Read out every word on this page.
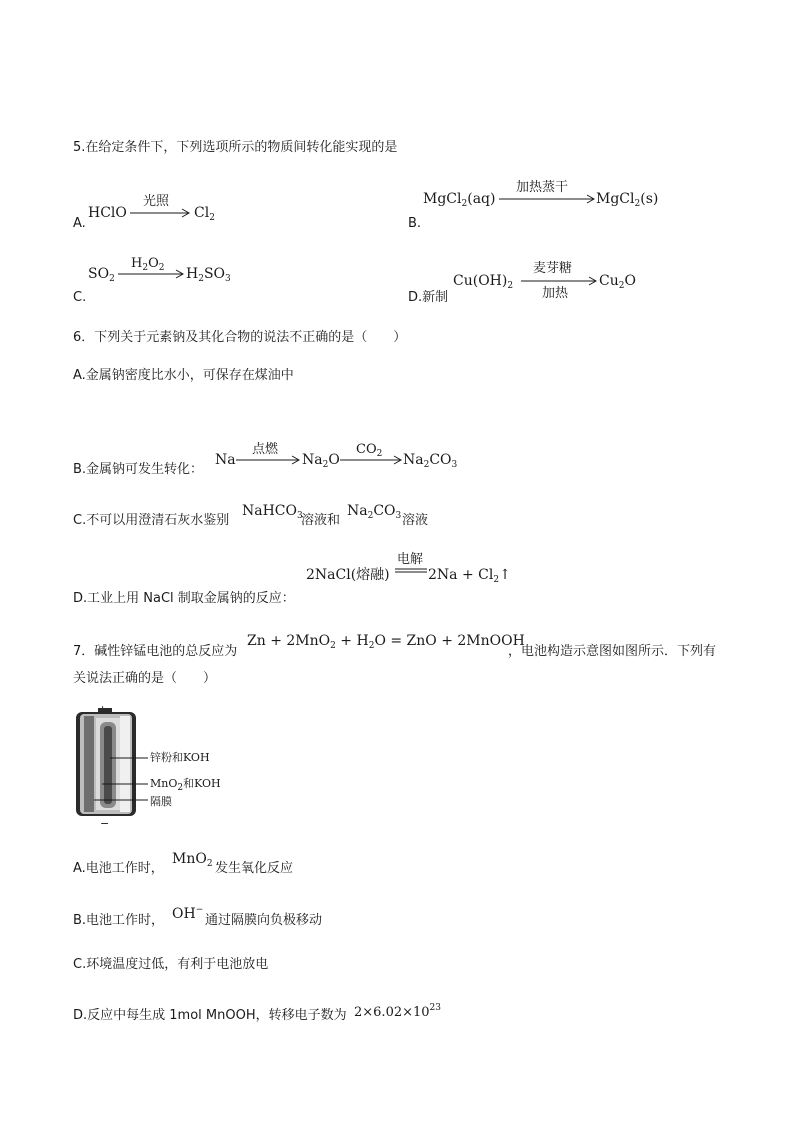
5.在给定条件下，下列选项所示的物质间转化能实现的是
A.
HClO
光照
$Cl_2$	B.
MgCl$_2$(aq)
加热蒸干
MgCl$_2$(s)
$SO_2$
$H_2O_2$ $H_2SO_3$
C.	D.新制
$Cu(OH)_2$
麦芽糖
加热
$Cu_2O$
6．下列关于元素钠及其化合物的说法不正确的是（　　）
A.金属钠密度比水小，可保存在煤油中
B.金属钠可发生转化：
Na
点燃
$Na_2O$
$CO_2$ $Na_2CO_3$
C.不可以用澄清石灰水鉴别
NaHCO$_3$
溶液和
$Na_2CO_3$ 溶液
2NaCl(熔融)
电解
$2Na + Cl_2↑$
D.工业上用 NaCl 制取金属钠的反应：
7．碱性锌锰电池的总反应为
$Zn + 2MnO_2 + H_2O$ = ZnO + 2MnOOH
，电池构造示意图如图所示．下列有
关说法正确的是（　　）
锌粉和KOH
MnO$_2$和KOH
隔膜
−
A.电池工作时，
MnO$_2$ 发生氧化反应
B.电池工作时， OH−
通过隔膜向负极移动
C.环境温度过低，有利于电池放电
D.反应中每生成 1mol MnOOH，转移电子数为 $2\times 6.02\times 10^{23}$
